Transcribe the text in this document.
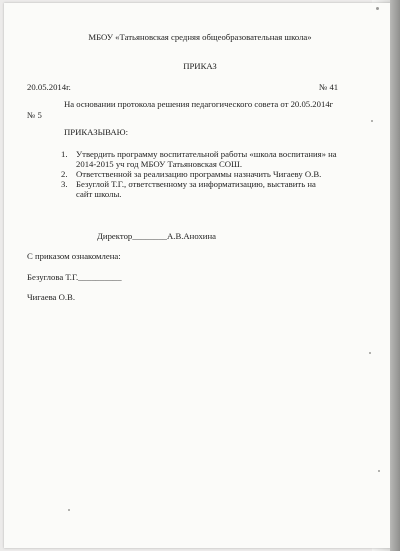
МБОУ «Татьяновская средняя общеобразовательная школа»
ПРИКАЗ
20.05.2014г.	№ 41
На основании протокола решения педагогического совета от 20.05.2014г
№ 5
ПРИКАЗЫВАЮ:
1. Утвердить программу воспитательной работы «школа воспитания» на
2014-2015 уч год МБОУ Татьяновская СОШ.
2. Ответственной за реализацию программы назначить Чигаеву О.В.
3. Безуглой Т.Г., ответственному за информатизацию, выставить на
сайт школы.
Директор________А.В.Анохина
С приказом ознакомлена:
Безуглова Т.Г.__________
Чигаева О.В.
